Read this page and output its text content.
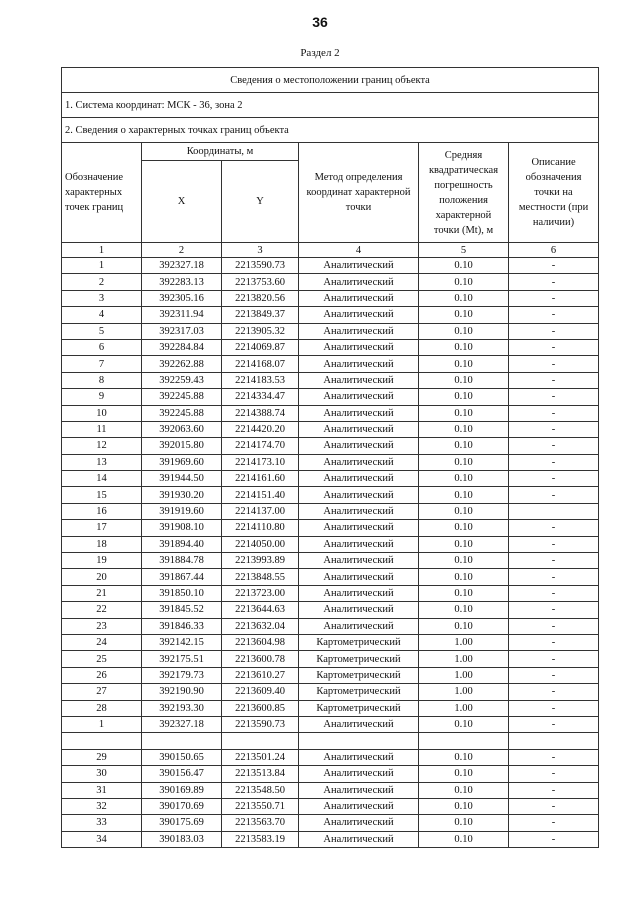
36
Раздел 2
Сведения о местоположении границ объекта					
1. Система координат: МСК - 36, зона 2					
2. Сведения о характерных точках границ объекта					
Обозначение характерных точек границ	Координаты, м		Метод определения координат характерной точки	Средняя квадратическая погрешность положения характерной точки (Mt), м	Описание обозначения точки на местности (при наличии)
	X	Y			
1	2	3	4	5	6
1	392327.18	2213590.73	Аналитический	0.10	-
2	392283.13	2213753.60	Аналитический	0.10	-
3	392305.16	2213820.56	Аналитический	0.10	-
4	392311.94	2213849.37	Аналитический	0.10	-
5	392317.03	2213905.32	Аналитический	0.10	-
6	392284.84	2214069.87	Аналитический	0.10	-
7	392262.88	2214168.07	Аналитический	0.10	-
8	392259.43	2214183.53	Аналитический	0.10	-
9	392245.88	2214334.47	Аналитический	0.10	-
10	392245.88	2214388.74	Аналитический	0.10	-
11	392063.60	2214420.20	Аналитический	0.10	-
12	392015.80	2214174.70	Аналитический	0.10	-
13	391969.60	2214173.10	Аналитический	0.10	-
14	391944.50	2214161.60	Аналитический	0.10	-
15	391930.20	2214151.40	Аналитический	0.10	-
16	391919.60	2214137.00	Аналитический	0.10	
17	391908.10	2214110.80	Аналитический	0.10	-
18	391894.40	2214050.00	Аналитический	0.10	-
19	391884.78	2213993.89	Аналитический	0.10	-
20	391867.44	2213848.55	Аналитический	0.10	-
21	391850.10	2213723.00	Аналитический	0.10	-
22	391845.52	2213644.63	Аналитический	0.10	-
23	391846.33	2213632.04	Аналитический	0.10	-
24	392142.15	2213604.98	Картометрический	1.00	-
25	392175.51	2213600.78	Картометрический	1.00	-
26	392179.73	2213610.27	Картометрический	1.00	-
27	392190.90	2213609.40	Картометрический	1.00	-
28	392193.30	2213600.85	Картометрический	1.00	-
1	392327.18	2213590.73	Аналитический	0.10	-

29	390150.65	2213501.24	Аналитический	0.10	-
30	390156.47	2213513.84	Аналитический	0.10	-
31	390169.89	2213548.50	Аналитический	0.10	-
32	390170.69	2213550.71	Аналитический	0.10	-
33	390175.69	2213563.70	Аналитический	0.10	-
34	390183.03	2213583.19	Аналитический	0.10	-
